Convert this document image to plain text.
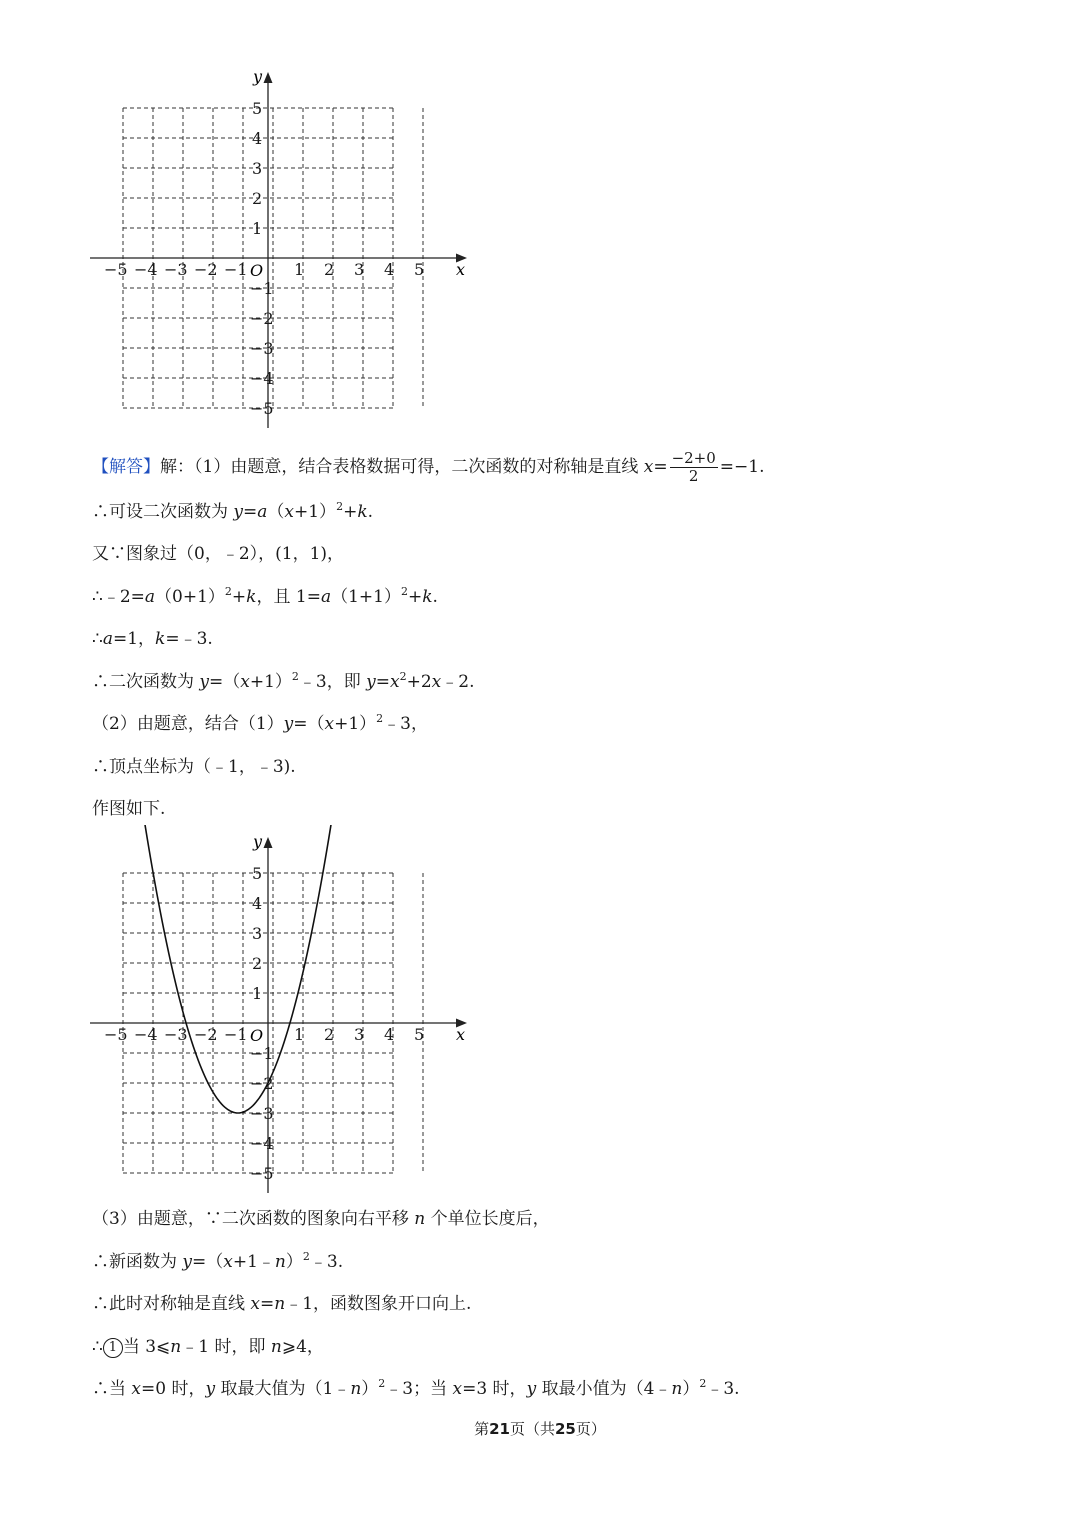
−5 −4 −3 −2 −1	1 2 3 4 5
5
4
3
2
1
−1
−2
−3
−4
−5
O	x
y
【解答】解：（1）由题意，结合表格数据可得，二次函数的对称轴是直线 $x= \frac{-2+0}{2} =-1$.
∴可设二次函数为 $y=a(x+1)^2+k$.
又∵图象过（0，﹣2），(1，1)，
$\therefore﹣2=a(0+1)^2+k$，且 $1=a(1+1)^2+k$.
∴a=1，k=﹣3.
∴二次函数为 $y=(x+1)^2﹣3$，即 $y=x^2+2x﹣2$.
（2）由题意，结合$(1)y=(x+1)^2﹣3$，
∴顶点坐标为（﹣1，﹣3).
作图如下.
−5 −4 −3 −2 −1	1 2 3 4 5
5
4
3
2
1
−1
−2
−3
−4
−5
O	x
y
（3）由题意，∵二次函数的图象向右平移 n 个单位长度后，
∴新函数为 y=（x+1﹣n）$^2$﹣3.
∴此时对称轴是直线 x=n﹣1，函数图象开口向上.
∴ 1 当 3⩽n﹣1 时，即 n⩾4，
∴当 x=0 时，y 取最大值为（1﹣n）$^2$﹣3；当 x=3 时，y 取最小值为（4﹣n）$^2$﹣3.
第21页（共25页）
